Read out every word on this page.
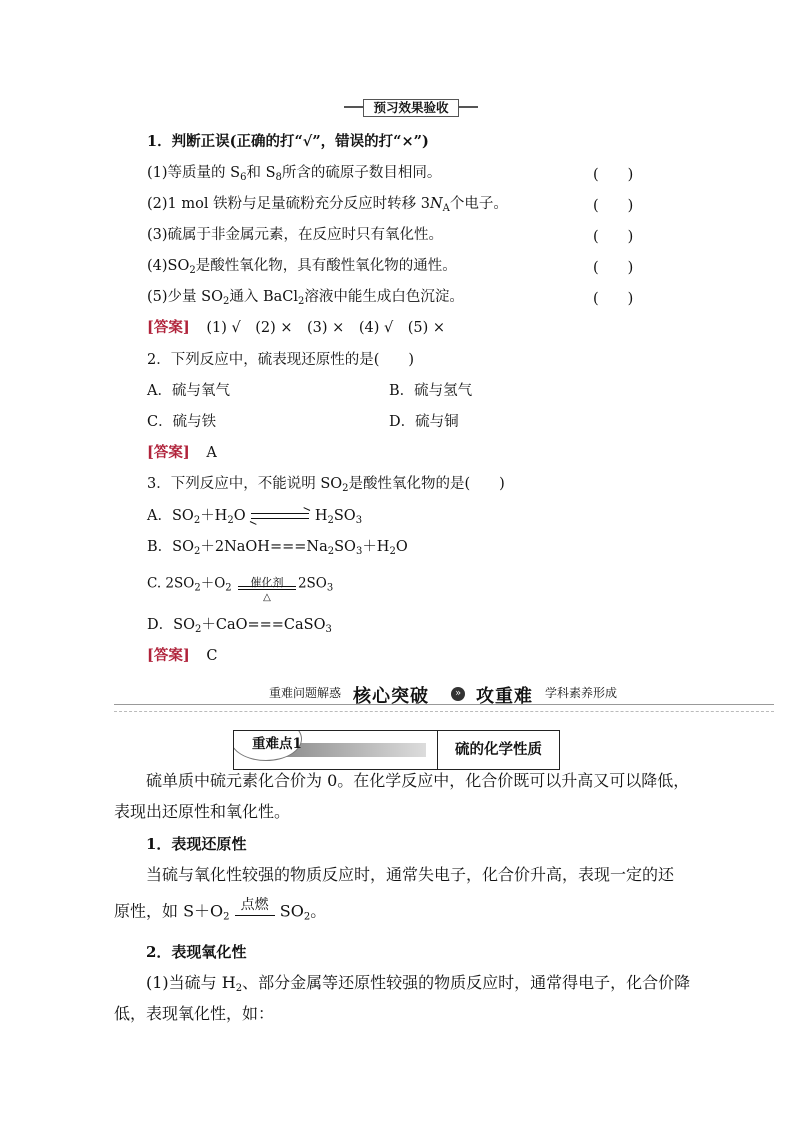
预习效果验收
1．判断正误(正确的打“√”，错误的打“×”)
(1)等质量的 $S_6$和 $S_8$所含的硫原子数目相同。	(　　)
(2)1 mol 铁粉与足量硫粉充分反应时转移 $3N_A$个电子。	(　　)
(3)硫属于非金属元素，在反应时只有氧化性。	(　　)
$(4)SO_2$是酸性氧化物，具有酸性氧化物的通性。	(　　)
(5)少量 $SO_2$通入 BaCl$_2$溶液中能生成白色沉淀。	(　　)
[答案] (1) √　(2) ×　(3) ×　(4) √　(5) ×
2．下列反应中，硫表现还原性的是(　　)
A．硫与氧气	B．硫与氢气
C．硫与铁	D．硫与铜
[答案] A
3．下列反应中，不能说明 $SO_2$是酸性氧化物的是(　　)
A．$SO_2+H_2O$ ⇌ $H_2SO_3$
B．$SO_2+2NaOH===Na_2SO_3+H_2O$
C. $2SO_2+O_2 \frac{\text{催化剂}}{\triangle} 2SO_3$
D．$SO_2+CaO===CaSO_3$
[答案] C
重难问题解惑 核心突破	» 攻重难 学科素养形成
重难点1	硫的化学性质
硫单质中硫元素化合价为 0。在化学反应中，化合价既可以升高又可以降低，
表现出还原性和氧化性。
1．表现还原性
当硫与氧化性较强的物质反应时，通常失电子，化合价升高，表现一定的还
原性，如 $S+O_2$
点燃 $SO_2$。
2．表现氧化性
(1)当硫与 $H_2$、部分金属等还原性较强的物质反应时，通常得电子，化合价降
低，表现氧化性，如：
